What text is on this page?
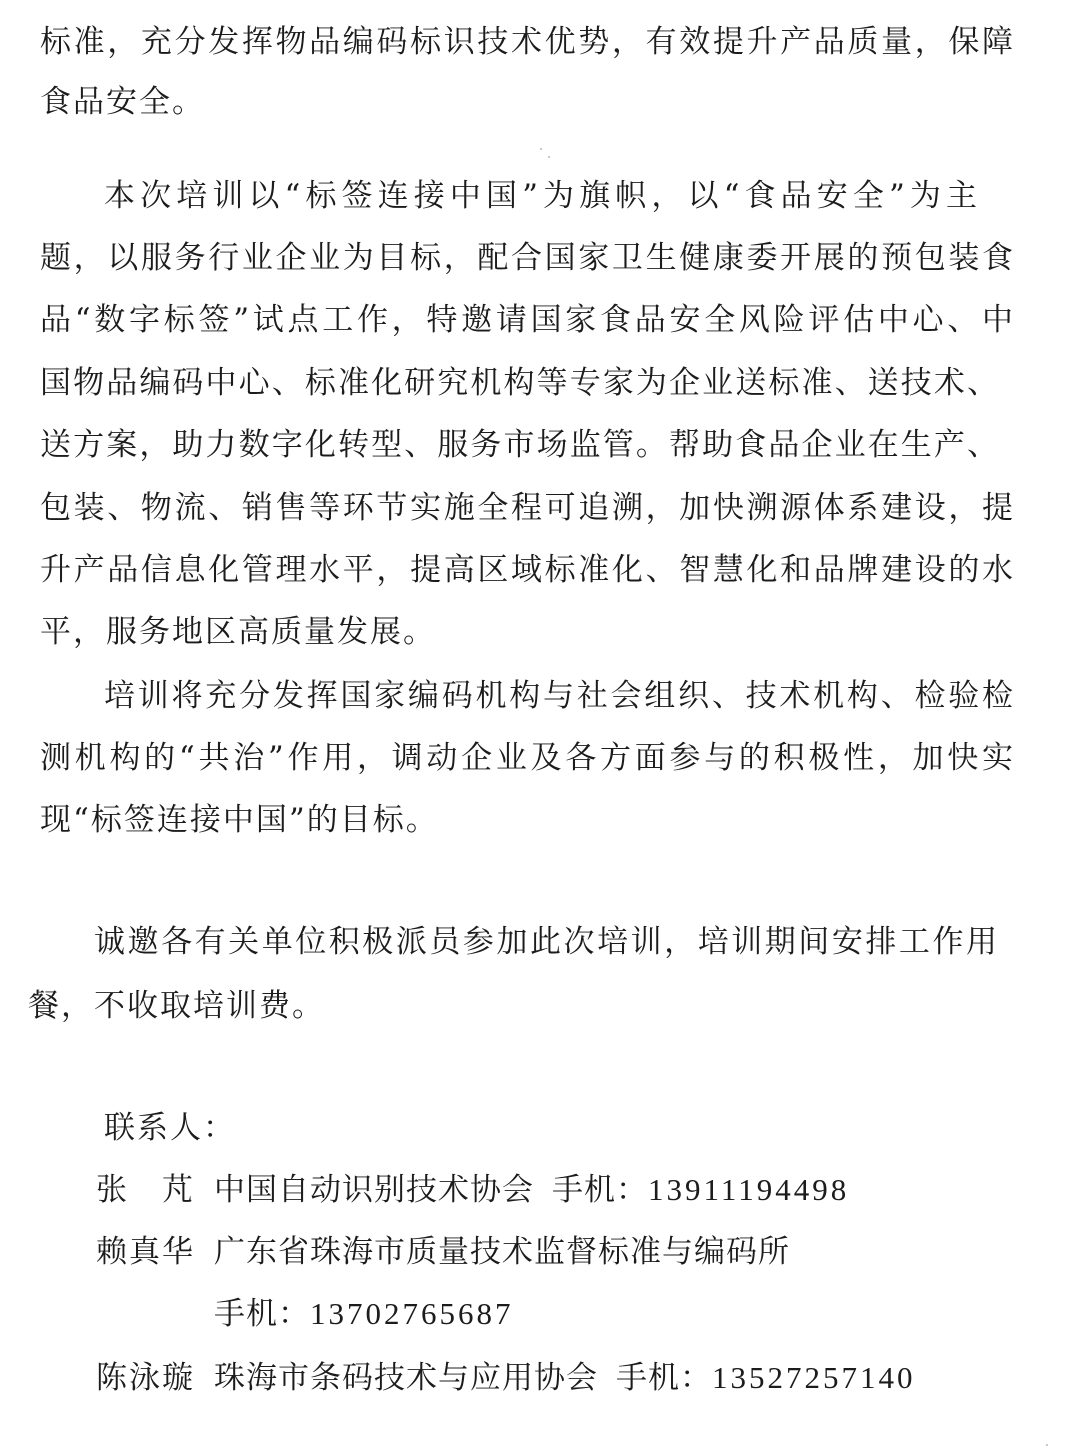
标准，充分发挥物品编码标识技术优势，有效提升产品质量，保障
食品安全。
本次培训以“标签连接中国”为旗帜，以“食品安全”为主
题，以服务行业企业为目标，配合国家卫生健康委开展的预包装食
品“数字标签”试点工作，特邀请国家食品安全风险评估中心、中
国物品编码中心、标准化研究机构等专家为企业送标准、送技术、
送方案，助力数字化转型、服务市场监管。帮助食品企业在生产、
包装、物流、销售等环节实施全程可追溯，加快溯源体系建设，提
升产品信息化管理水平，提高区域标准化、智慧化和品牌建设的水
平，服务地区高质量发展。
培训将充分发挥国家编码机构与社会组织、技术机构、检验检
测机构的“共治”作用，调动企业及各方面参与的积极性，加快实
现“标签连接中国”的目标。
诚邀各有关单位积极派员参加此次培训，培训期间安排工作用
餐，不收取培训费。
联系人：
张　芃 中国自动识别技术协会 手机：13911194498
赖真华 广东省珠海市质量技术监督标准与编码所
手机：13702765687
陈泳璇 珠海市条码技术与应用协会 手机：13527257140
